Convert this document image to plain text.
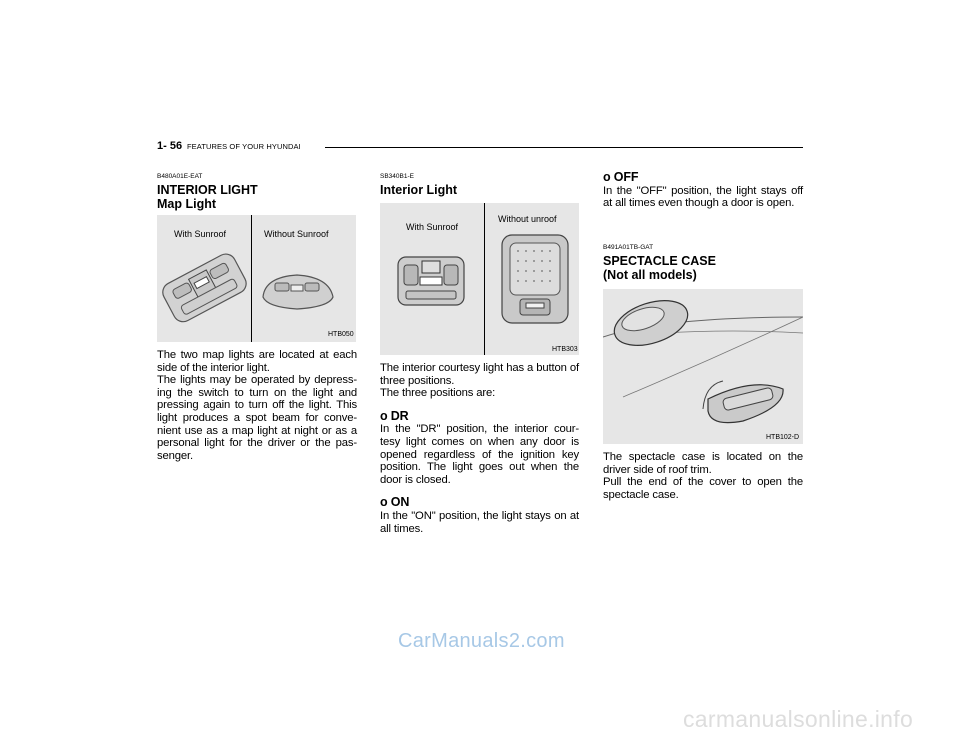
1- 56 FEATURES OF YOUR HYUNDAI
B480A01E-EAT
INTERIOR LIGHT
Map Light
With Sunroof	Without Sunroof
HTB050

The two map lights are located at each side of the interior light.

The lights may be operated by depress- ing the switch to turn on the light and pressing again to turn off the light. This light produces a spot beam for conve- nient use as a map light at night or as a personal light for the driver or the pas- senger.

SB340B1-E
Interior Light
With Sunroof
Without unroof
HTB303

The interior courtesy light has a button of three positions.

The three positions are:

o DR

In the "DR" position, the interior cour- tesy light comes on when any door is opened regardless of the ignition key position. The light goes out when the door is closed.

o ON

In the "ON" position, the light stays on at all times.

o OFF

In the "OFF" position, the light stays off at all times even though a door is open.

B491A01TB-GAT
SPECTACLE CASE
(Not all models)
HTB102-D

The spectacle case is located on the driver side of roof trim.

Pull the end of the cover to open the spectacle case.

CarManuals2.com
carmanualsonline.info
